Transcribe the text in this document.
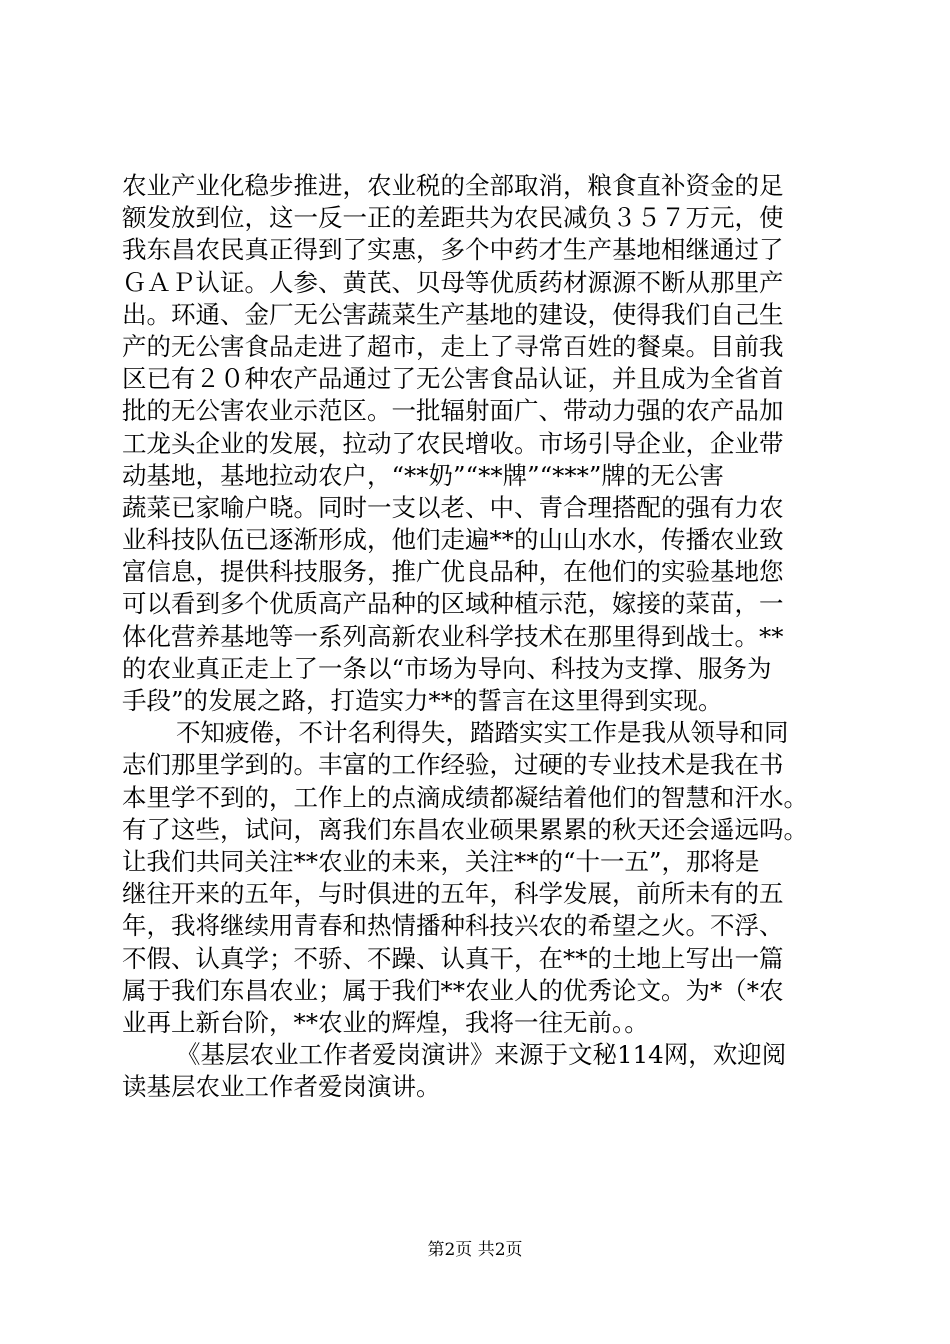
农业产业化稳步推进，农业税的全部取消，粮食直补资金的足
额发放到位，这一反一正的差距共为农民减负３５７万元，使
我东昌农民真正得到了实惠，多个中药才生产基地相继通过了
ＧＡＰ认证。人参、黄芪、贝母等优质药材源源不断从那里产
出。环通、金厂无公害蔬菜生产基地的建设，使得我们自己生
产的无公害食品走进了超市，走上了寻常百姓的餐桌。目前我
区已有２０种农产品通过了无公害食品认证，并且成为全省首
批的无公害农业示范区。一批辐射面广、带动力强的农产品加
工龙头企业的发展，拉动了农民增收。市场引导企业，企业带
动基地，基地拉动农户，“**奶”“**牌”“***”牌的无公害
蔬菜已家喻户晓。同时一支以老、中、青合理搭配的强有力农
业科技队伍已逐渐形成，他们走遍**的山山水水，传播农业致
富信息，提供科技服务，推广优良品种，在他们的实验基地您
可以看到多个优质高产品种的区域种植示范，嫁接的菜苗，一
体化营养基地等一系列高新农业科学技术在那里得到战士。**
的农业真正走上了一条以“市场为导向、科技为支撑、服务为
手段”的发展之路，打造实力**的誓言在这里得到实现。
不知疲倦，不计名利得失，踏踏实实工作是我从领导和同
志们那里学到的。丰富的工作经验，过硬的专业技术是我在书
本里学不到的，工作上的点滴成绩都凝结着他们的智慧和汗水。
有了这些，试问，离我们东昌农业硕果累累的秋天还会遥远吗。
让我们共同关注**农业的未来，关注**的“十一五”，那将是
继往开来的五年，与时俱进的五年，科学发展，前所未有的五
年，我将继续用青春和热情播种科技兴农的希望之火。不浮、
不假、认真学；不骄、不躁、认真干，在**的土地上写出一篇
属于我们东昌农业；属于我们**农业人的优秀论文。为*（*农
业再上新台阶，**农业的辉煌，我将一往无前。。
《基层农业工作者爱岗演讲》来源于文秘114网，欢迎阅
读基层农业工作者爱岗演讲。
第2页 共2页
